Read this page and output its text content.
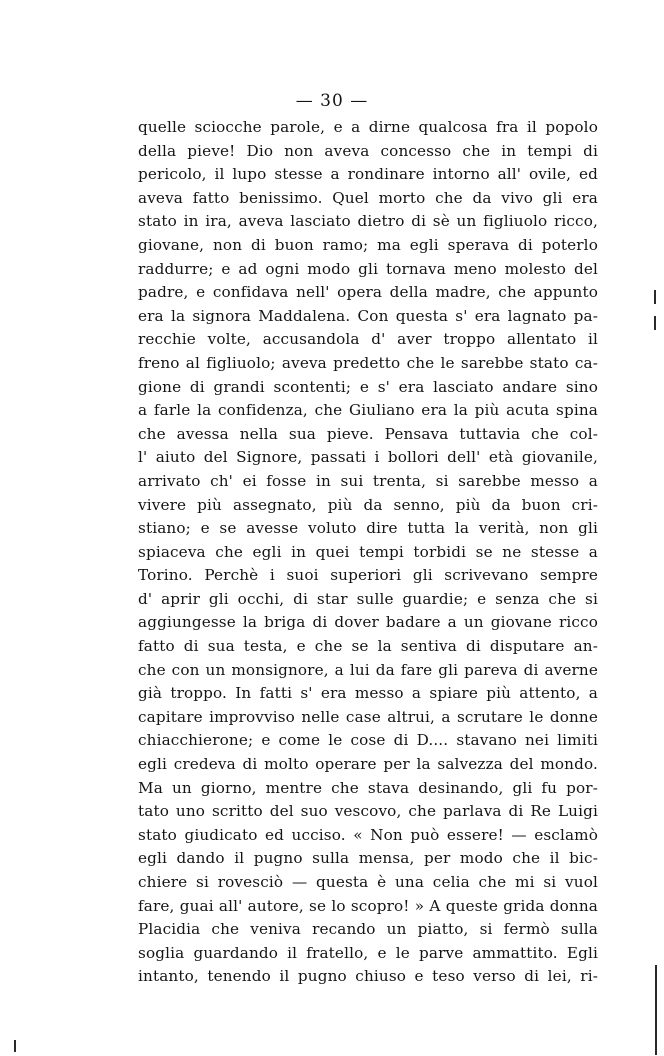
— 30 —
quelle sciocche parole, e a dirne qualcosa fra il popolo
della pieve! Dio non aveva concesso che in tempi di
pericolo, il lupo stesse a rondinare intorno all' ovile, ed
aveva fatto benissimo. Quel morto che da vivo gli era
stato in ira, aveva lasciato dietro di sè un figliuolo ricco,
giovane, non di buon ramo; ma egli sperava di poterlo
raddurre; e ad ogni modo gli tornava meno molesto del
padre, e confidava nell' opera della madre, che appunto
era la signora Maddalena. Con questa s' era lagnato pa-
recchie volte, accusandola d' aver troppo allentato il
freno al figliuolo; aveva predetto che le sarebbe stato ca-
gione di grandi scontenti; e s' era lasciato andare sino
a farle la confidenza, che Giuliano era la più acuta spina
che avessa nella sua pieve. Pensava tuttavia che col-
l' aiuto del Signore, passati i bollori dell' età giovanile,
arrivato ch' ei fosse in sui trenta, si sarebbe messo a
vivere più assegnato, più da senno, più da buon cri-
stiano; e se avesse voluto dire tutta la verità, non gli
spiaceva che egli in quei tempi torbidi se ne stesse a
Torino. Perchè i suoi superiori gli scrivevano sempre
d' aprir gli occhi, di star sulle guardie; e senza che si
aggiungesse la briga di dover badare a un giovane ricco
fatto di sua testa, e che se la sentiva di disputare an-
che con un monsignore, a lui da fare gli pareva di averne
già troppo. In fatti s' era messo a spiare più attento, a
capitare improvviso nelle case altrui, a scrutare le donne
chiacchierone; e come le cose di D.... stavano nei limiti
egli credeva di molto operare per la salvezza del mondo.
Ma un giorno, mentre che stava desinando, gli fu por-
tato uno scritto del suo vescovo, che parlava di Re Luigi
stato giudicato ed ucciso. « Non può essere! — esclamò
egli dando il pugno sulla mensa, per modo che il bic-
chiere si rovesciò — questa è una celia che mi si vuol
fare, guai all' autore, se lo scopro! » A queste grida donna
Placidia che veniva recando un piatto, si fermò sulla
soglia guardando il fratello, e le parve ammattito. Egli
intanto, tenendo il pugno chiuso e teso verso di lei, ri-
